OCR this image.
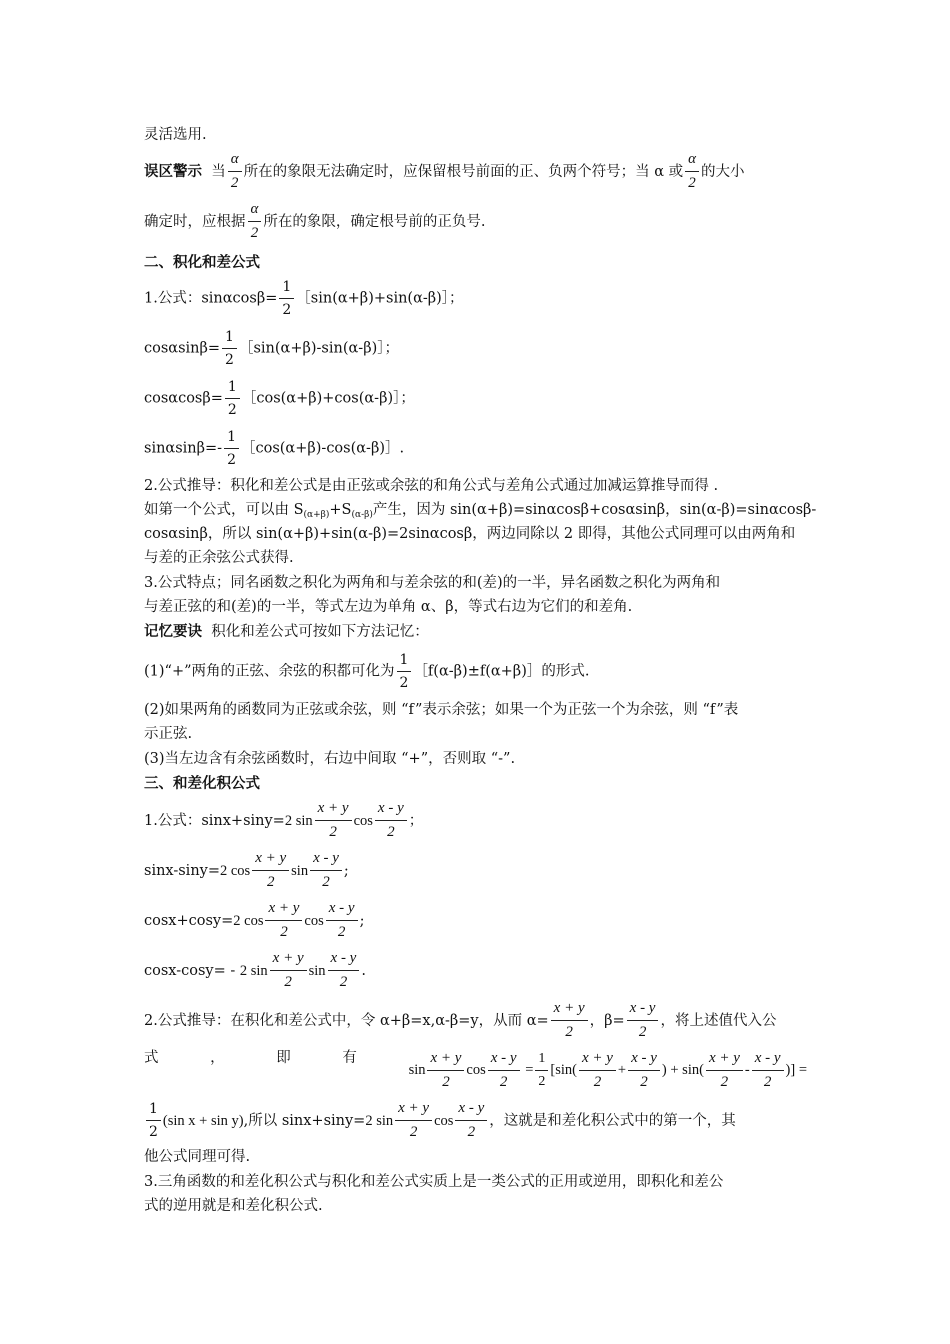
灵活选用.
误区警示 当 $\frac{\alpha}{2}$ 所在的象限无法确定时，应保留根号前面的正、负两个符号；当 α 或 $\frac{\alpha}{2}$ 的大小
确定时，应根据 $\frac{\alpha}{2}$ 所在的象限，确定根号前的正负号.
二、积化和差公式
1.公式：$\sin\alpha\cos\beta= \frac{1}{2}$ ［sin(α+β)+sin(α-β)］；
$\cos\alpha\sin\beta= \frac{1}{2}$ ［sin(α+β)-sin(α-β)］；
$\cos\alpha\cos\beta= \frac{1}{2}$ ［cos(α+β)+cos(α-β)］；
$\sin\alpha\sin\beta=- \frac{1}{2}$ ［cos(α+β)-cos(α-β)］.
2.公式推导：积化和差公式是由正弦或余弦的和角公式与差角公式通过加减运算推导而得 .
如第一个公式，可以由 $S_{(\alpha+\beta)}+S_{(\alpha-\beta)}$产生，因为 sin(α+β)=sinαcosβ+cosαsinβ，sin(α-β)=sinαcosβ-
cosαsinβ，所以 sin(α+β)+sin(α-β)=2sinαcosβ，两边同除以 2 即得，其他公式同理可以由两角和
与差的正余弦公式获得.
3.公式特点；同名函数之积化为两角和与差余弦的和(差)的一半，异名函数之积化为两角和
与差正弦的和(差)的一半，等式左边为单角 α、β，等式右边为它们的和差角.
记忆要诀 积化和差公式可按如下方法记忆：
(1)“+”两角的正弦、余弦的积都可化为 $\frac{1}{2}$ ［f(α-β)±f(α+β)］的形式.
(2)如果两角的函数同为正弦或余弦，则 “f”表示余弦；如果一个为正弦一个为余弦，则 “f”表
示正弦.
(3)当左边含有余弦函数时，右边中间取 “+”，否则取 “-”.
三、和差化积公式
1.公式：sinx+siny=2 $\sin \frac{x + y}{2}$ $\cos \frac{x - y}{2}$ ；
sinx-siny=2 $\cos \frac{x + y}{2}$ $\sin \frac{x - y}{2}$ ;
cosx+cosy=2 $\cos \frac{x + y}{2}$ $\cos \frac{x - y}{2}$ ;
cosx-cosy= - 2 $\sin \frac{x + y}{2}$ $\sin \frac{x - y}{2}$ .
2.公式推导：在积化和差公式中，令 α+β=x,α-β=y，从而 $\alpha= \frac{x + y}{2}$ ，$\beta= \frac{x - y}{2}$ ，将上述值代入公
式	，	即	有
$\sin \frac{x + y}{2}$ $\cos \frac{x - y}{2} = \frac{1}{2} [\sin( \frac{x + y}{2} + \frac{x - y}{2}$ ) + $\sin( \frac{x + y}{2} - \frac{x - y}{2}$ )] =
$\frac{1}{2} (\sin$ x + sin y),所以 sinx+siny=2 $\sin \frac{x + y}{2}$ $\cos \frac{x - y}{2}$ ，这就是和差化积公式中的第一个，其
他公式同理可得.
3.三角函数的和差化积公式与积化和差公式实质上是一类公式的正用或逆用，即积化和差公
式的逆用就是和差化积公式.
